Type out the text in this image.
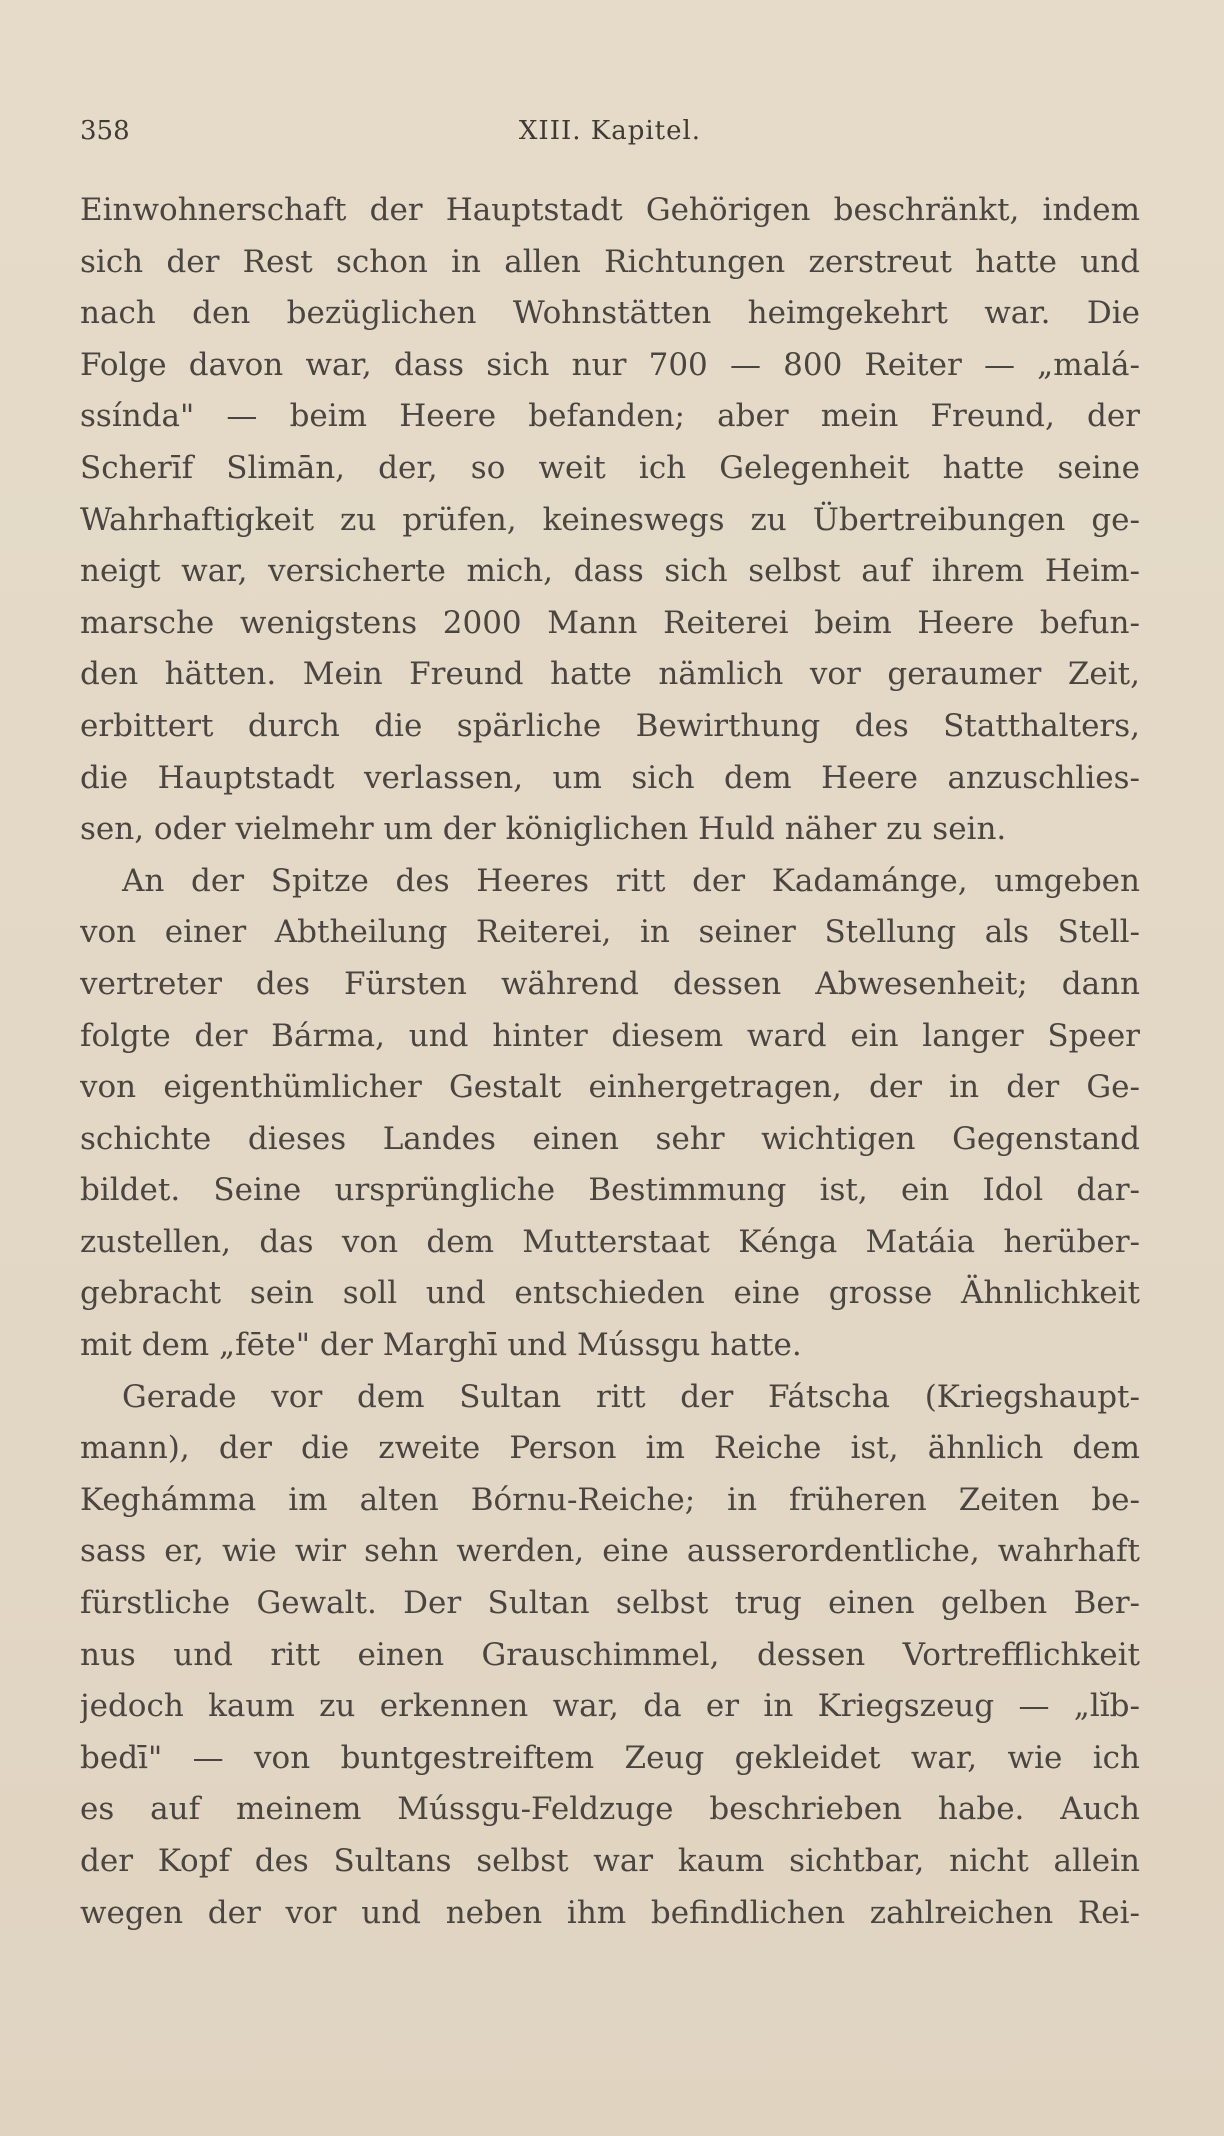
358	XIII. Kapitel.
Einwohnerschaft der Hauptstadt Gehörigen beschränkt, indem
sich der Rest schon in allen Richtungen zerstreut hatte und
nach den bezüglichen Wohnstätten heimgekehrt war. Die
Folge davon war, dass sich nur 700 — 800 Reiter — „malá-
ssínda" — beim Heere befanden; aber mein Freund, der
Scherīf Slimān, der, so weit ich Gelegenheit hatte seine
Wahrhaftigkeit zu prüfen, keineswegs zu Übertreibungen ge-
neigt war, versicherte mich, dass sich selbst auf ihrem Heim-
marsche wenigstens 2000 Mann Reiterei beim Heere befun-
den hätten. Mein Freund hatte nämlich vor geraumer Zeit,
erbittert durch die spärliche Bewirthung des Statthalters,
die Hauptstadt verlassen, um sich dem Heere anzuschlies-
sen, oder vielmehr um der königlichen Huld näher zu sein.
An der Spitze des Heeres ritt der Kadamánge, umgeben
von einer Abtheilung Reiterei, in seiner Stellung als Stell-
vertreter des Fürsten während dessen Abwesenheit; dann
folgte der Bárma, und hinter diesem ward ein langer Speer
von eigenthümlicher Gestalt einhergetragen, der in der Ge-
schichte dieses Landes einen sehr wichtigen Gegenstand
bildet. Seine ursprüngliche Bestimmung ist, ein Idol dar-
zustellen, das von dem Mutterstaat Kénga Matáia herüber-
gebracht sein soll und entschieden eine grosse Ähnlichkeit
mit dem „fēte" der Marghī und Mússgu hatte.
Gerade vor dem Sultan ritt der Fátscha (Kriegshaupt-
mann), der die zweite Person im Reiche ist, ähnlich dem
Keghámma im alten Bórnu-Reiche; in früheren Zeiten be-
sass er, wie wir sehn werden, eine ausserordentliche, wahrhaft
fürstliche Gewalt. Der Sultan selbst trug einen gelben Ber-
nus und ritt einen Grauschimmel, dessen Vortrefflichkeit
jedoch kaum zu erkennen war, da er in Kriegszeug — „lĭb-
bedī" — von buntgestreiftem Zeug gekleidet war, wie ich
es auf meinem Mússgu-Feldzuge beschrieben habe. Auch
der Kopf des Sultans selbst war kaum sichtbar, nicht allein
wegen der vor und neben ihm befindlichen zahlreichen Rei-
